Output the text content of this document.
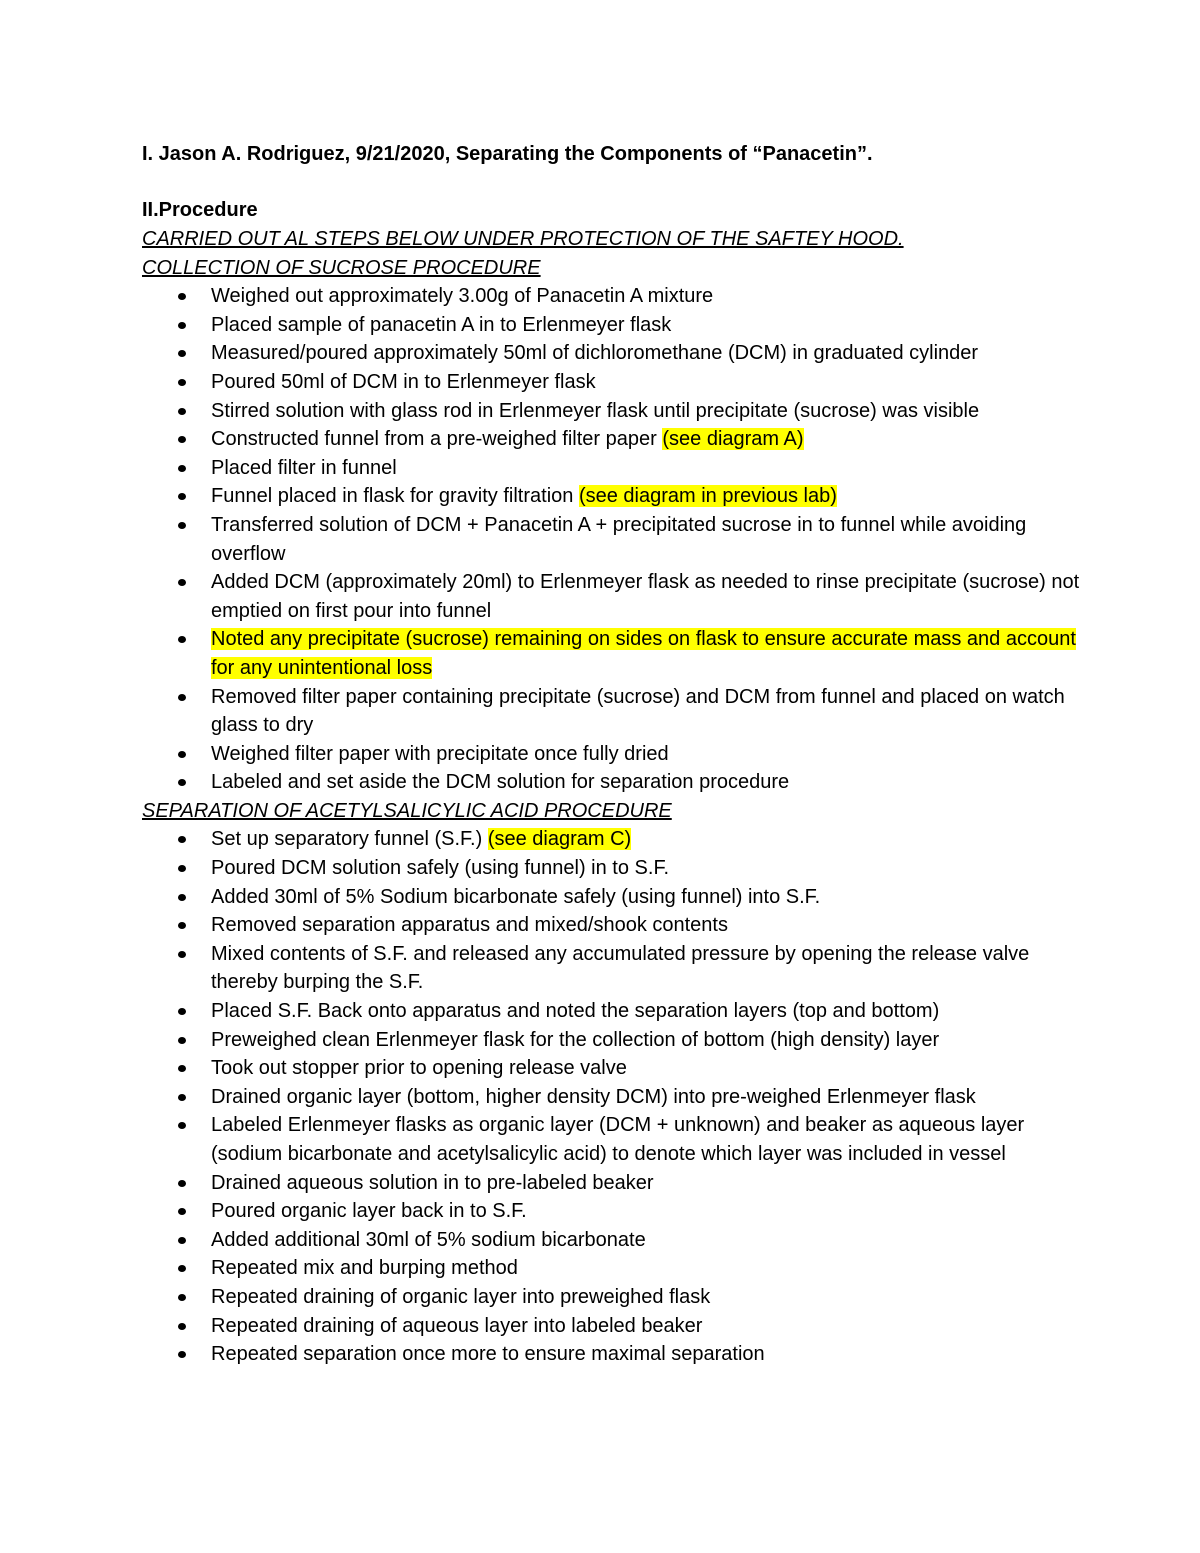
I. Jason A. Rodriguez, 9/21/2020, Separating the Components of “Panacetin”.
II.Procedure
CARRIED OUT AL STEPS BELOW UNDER PROTECTION OF THE SAFTEY HOOD.
COLLECTION OF SUCROSE PROCEDURE
Weighed out approximately 3.00g of Panacetin A mixture
Placed sample of panacetin A in to Erlenmeyer flask
Measured/poured approximately 50ml of dichloromethane (DCM) in graduated cylinder
Poured 50ml of DCM in to Erlenmeyer flask
Stirred solution with glass rod in Erlenmeyer flask until precipitate (sucrose) was visible
Constructed funnel from a pre-weighed filter paper (see diagram A)
Placed filter in funnel
Funnel placed in flask for gravity filtration (see diagram in previous lab)
Transferred solution of DCM + Panacetin A + precipitated sucrose in to funnel while avoiding overflow
Added DCM (approximately 20ml) to Erlenmeyer flask as needed to rinse precipitate (sucrose) not emptied on first pour into funnel
Noted any precipitate (sucrose) remaining on sides on flask to ensure accurate mass and account for any unintentional loss
Removed filter paper containing precipitate (sucrose) and DCM from funnel and placed on watch glass to dry
Weighed filter paper with precipitate once fully dried
Labeled and set aside the DCM solution for separation procedure
SEPARATION OF ACETYLSALICYLIC ACID PROCEDURE
Set up separatory funnel (S.F.) (see diagram C)
Poured DCM solution safely (using funnel) in to S.F.
Added 30ml of 5% Sodium bicarbonate safely (using funnel) into S.F.
Removed separation apparatus and mixed/shook contents
Mixed contents of S.F. and released any accumulated pressure by opening the release valve thereby burping the S.F.
Placed S.F. Back onto apparatus and noted the separation layers (top and bottom)
Preweighed clean Erlenmeyer flask for the collection of bottom (high density) layer
Took out stopper prior to opening release valve
Drained organic layer (bottom, higher density DCM) into pre-weighed Erlenmeyer flask
Labeled Erlenmeyer flasks as organic layer (DCM + unknown) and beaker as aqueous layer (sodium bicarbonate and acetylsalicylic acid) to denote which layer was included in vessel
Drained aqueous solution in to pre-labeled beaker
Poured organic layer back in to S.F.
Added additional 30ml of 5% sodium bicarbonate
Repeated mix and burping method
Repeated draining of organic layer into preweighed flask
Repeated draining of aqueous layer into labeled beaker
Repeated separation once more to ensure maximal separation
